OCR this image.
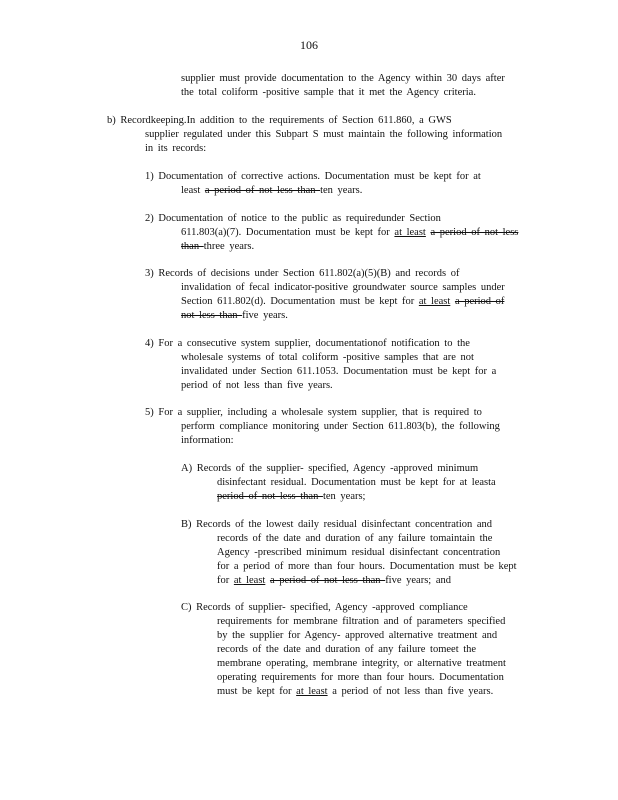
106
supplier must provide documentation to the Agency within 30 days after
the total coliform -positive sample that it met the Agency criteria.
b) Recordkeeping.In addition to the requirements of Section 611.860, a GWS
supplier regulated under this Subpart S must maintain the following information
in its records:
1) Documentation of corrective actions. Documentation must be kept for at
least a period of not less than ten years.
2) Documentation of notice to the public as requiredunder Section
611.803(a)(7). Documentation must be kept for at least a period of not less
than three years.
3) Records of decisions under Section 611.802(a)(5)(B) and records of
invalidation of fecal indicator-positive groundwater source samples under
Section 611.802(d). Documentation must be kept for at least a period of
not less than five years.
4) For a consecutive system supplier, documentationof notification to the
wholesale systems of total coliform -positive samples that are not
invalidated under Section 611.1053. Documentation must be kept for a
period of not less than five years.
5) For a supplier, including a wholesale system supplier, that is required to
perform compliance monitoring under Section 611.803(b), the following
information:
A) Records of the supplier- specified, Agency -approved minimum
disinfectant residual. Documentation must be kept for at leasta
period of not less than ten years;
B) Records of the lowest daily residual disinfectant concentration and
records of the date and duration of any failure tomaintain the
Agency -prescribed minimum residual disinfectant concentration
for a period of more than four hours. Documentation must be kept
for at least a period of not less than five years; and
C) Records of supplier- specified, Agency -approved compliance
requirements for membrane filtration and of parameters specified
by the supplier for Agency- approved alternative treatment and
records of the date and duration of any failure tomeet the
membrane operating, membrane integrity, or alternative treatment
operating requirements for more than four hours. Documentation
must be kept for at least a period of not less than five years.
